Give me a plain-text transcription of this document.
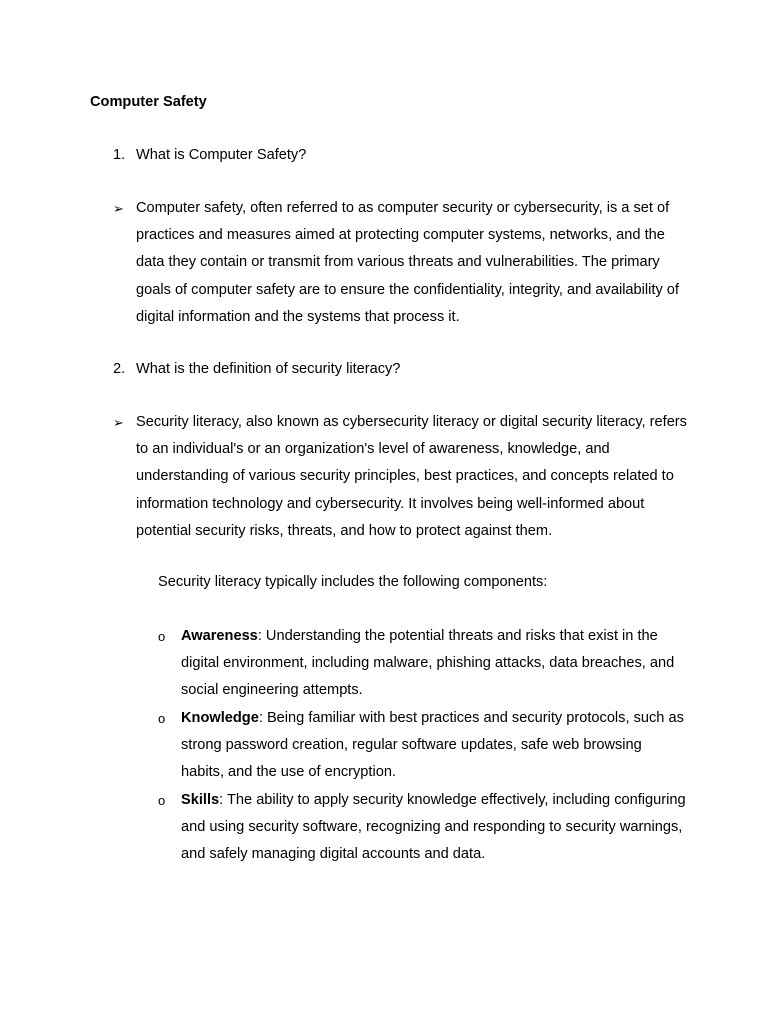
Computer Safety
1. What is Computer Safety?
➢ Computer safety, often referred to as computer security or cybersecurity, is a set of practices and measures aimed at protecting computer systems, networks, and the data they contain or transmit from various threats and vulnerabilities. The primary goals of computer safety are to ensure the confidentiality, integrity, and availability of digital information and the systems that process it.
2. What is the definition of security literacy?
➢ Security literacy, also known as cybersecurity literacy or digital security literacy, refers to an individual's or an organization's level of awareness, knowledge, and understanding of various security principles, best practices, and concepts related to information technology and cybersecurity. It involves being well-informed about potential security risks, threats, and how to protect against them.
Security literacy typically includes the following components:
o Awareness: Understanding the potential threats and risks that exist in the digital environment, including malware, phishing attacks, data breaches, and social engineering attempts.
o Knowledge: Being familiar with best practices and security protocols, such as strong password creation, regular software updates, safe web browsing habits, and the use of encryption.
o Skills: The ability to apply security knowledge effectively, including configuring and using security software, recognizing and responding to security warnings, and safely managing digital accounts and data.
